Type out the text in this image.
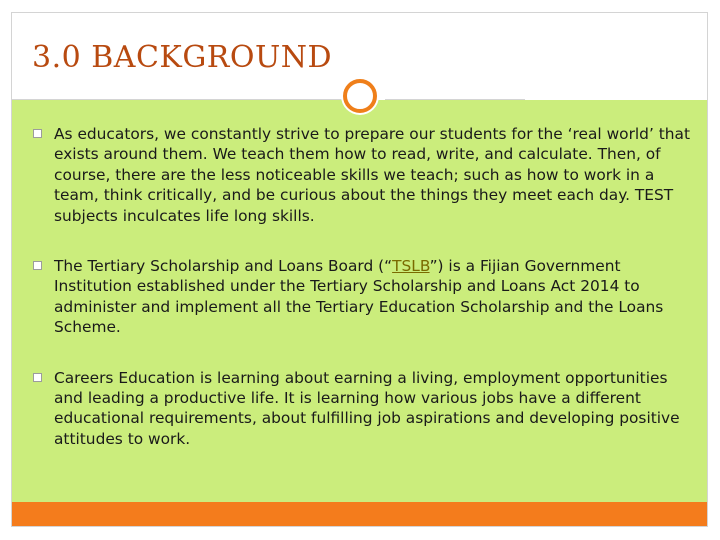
3.0 BACKGROUND
As educators, we constantly strive to prepare our students for the ‘real world’ that exists around them. We teach them how to read, write, and calculate. Then, of course, there are the less noticeable skills we teach; such as how to work in a team, think critically, and be curious about the things they meet each day. TEST subjects inculcates life long skills.
The Tertiary Scholarship and Loans Board (“TSLB”) is a Fijian Government Institution established under the Tertiary Scholarship and Loans Act 2014 to administer and implement all the Tertiary Education Scholarship and the Loans Scheme.
Careers Education is learning about earning a living, employment opportunities and leading a productive life. It is learning how various jobs have a different educational requirements, about fulfilling job aspirations and developing positive attitudes to work.
